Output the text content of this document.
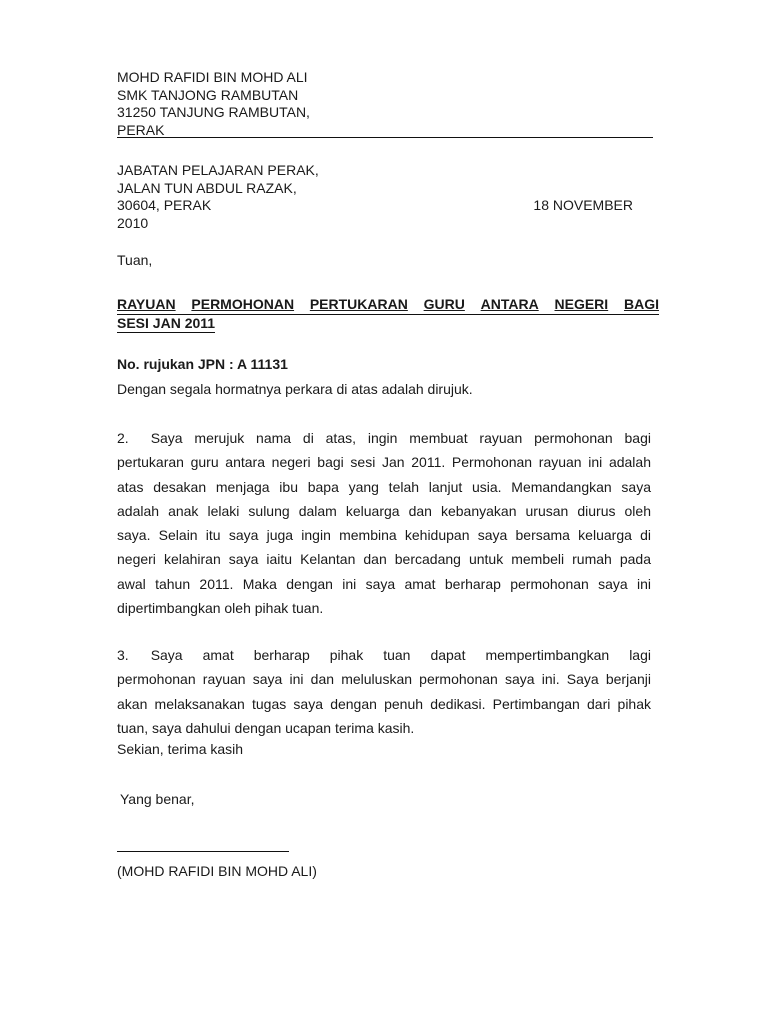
MOHD RAFIDI BIN MOHD ALI
SMK TANJONG RAMBUTAN
31250 TANJUNG RAMBUTAN,
PERAK
JABATAN PELAJARAN PERAK,
JALAN TUN ABDUL RAZAK,
30604, PERAK	18 NOVEMBER
2010
Tuan,
RAYUAN PERMOHONAN PERTUKARAN GURU ANTARA NEGERI BAGI
SESI JAN 2011
No. rujukan JPN : A 11131
Dengan segala hormatnya perkara di atas adalah dirujuk.
2. Saya merujuk nama di atas, ingin membuat rayuan permohonan bagi
pertukaran guru antara negeri bagi sesi Jan 2011. Permohonan rayuan ini adalah
atas desakan menjaga ibu bapa yang telah lanjut usia. Memandangkan saya
adalah anak lelaki sulung dalam keluarga dan kebanyakan urusan diurus oleh
saya. Selain itu saya juga ingin membina kehidupan saya bersama keluarga di
negeri kelahiran saya iaitu Kelantan dan bercadang untuk membeli rumah pada
awal tahun 2011. Maka dengan ini saya amat berharap permohonan saya ini
dipertimbangkan oleh pihak tuan.
3. Saya amat berharap pihak tuan dapat mempertimbangkan lagi
permohonan rayuan saya ini dan meluluskan permohonan saya ini. Saya berjanji
akan melaksanakan tugas saya dengan penuh dedikasi. Pertimbangan dari pihak
tuan, saya dahului dengan ucapan terima kasih.
Sekian, terima kasih
Yang benar,
(MOHD RAFIDI BIN MOHD ALI)
